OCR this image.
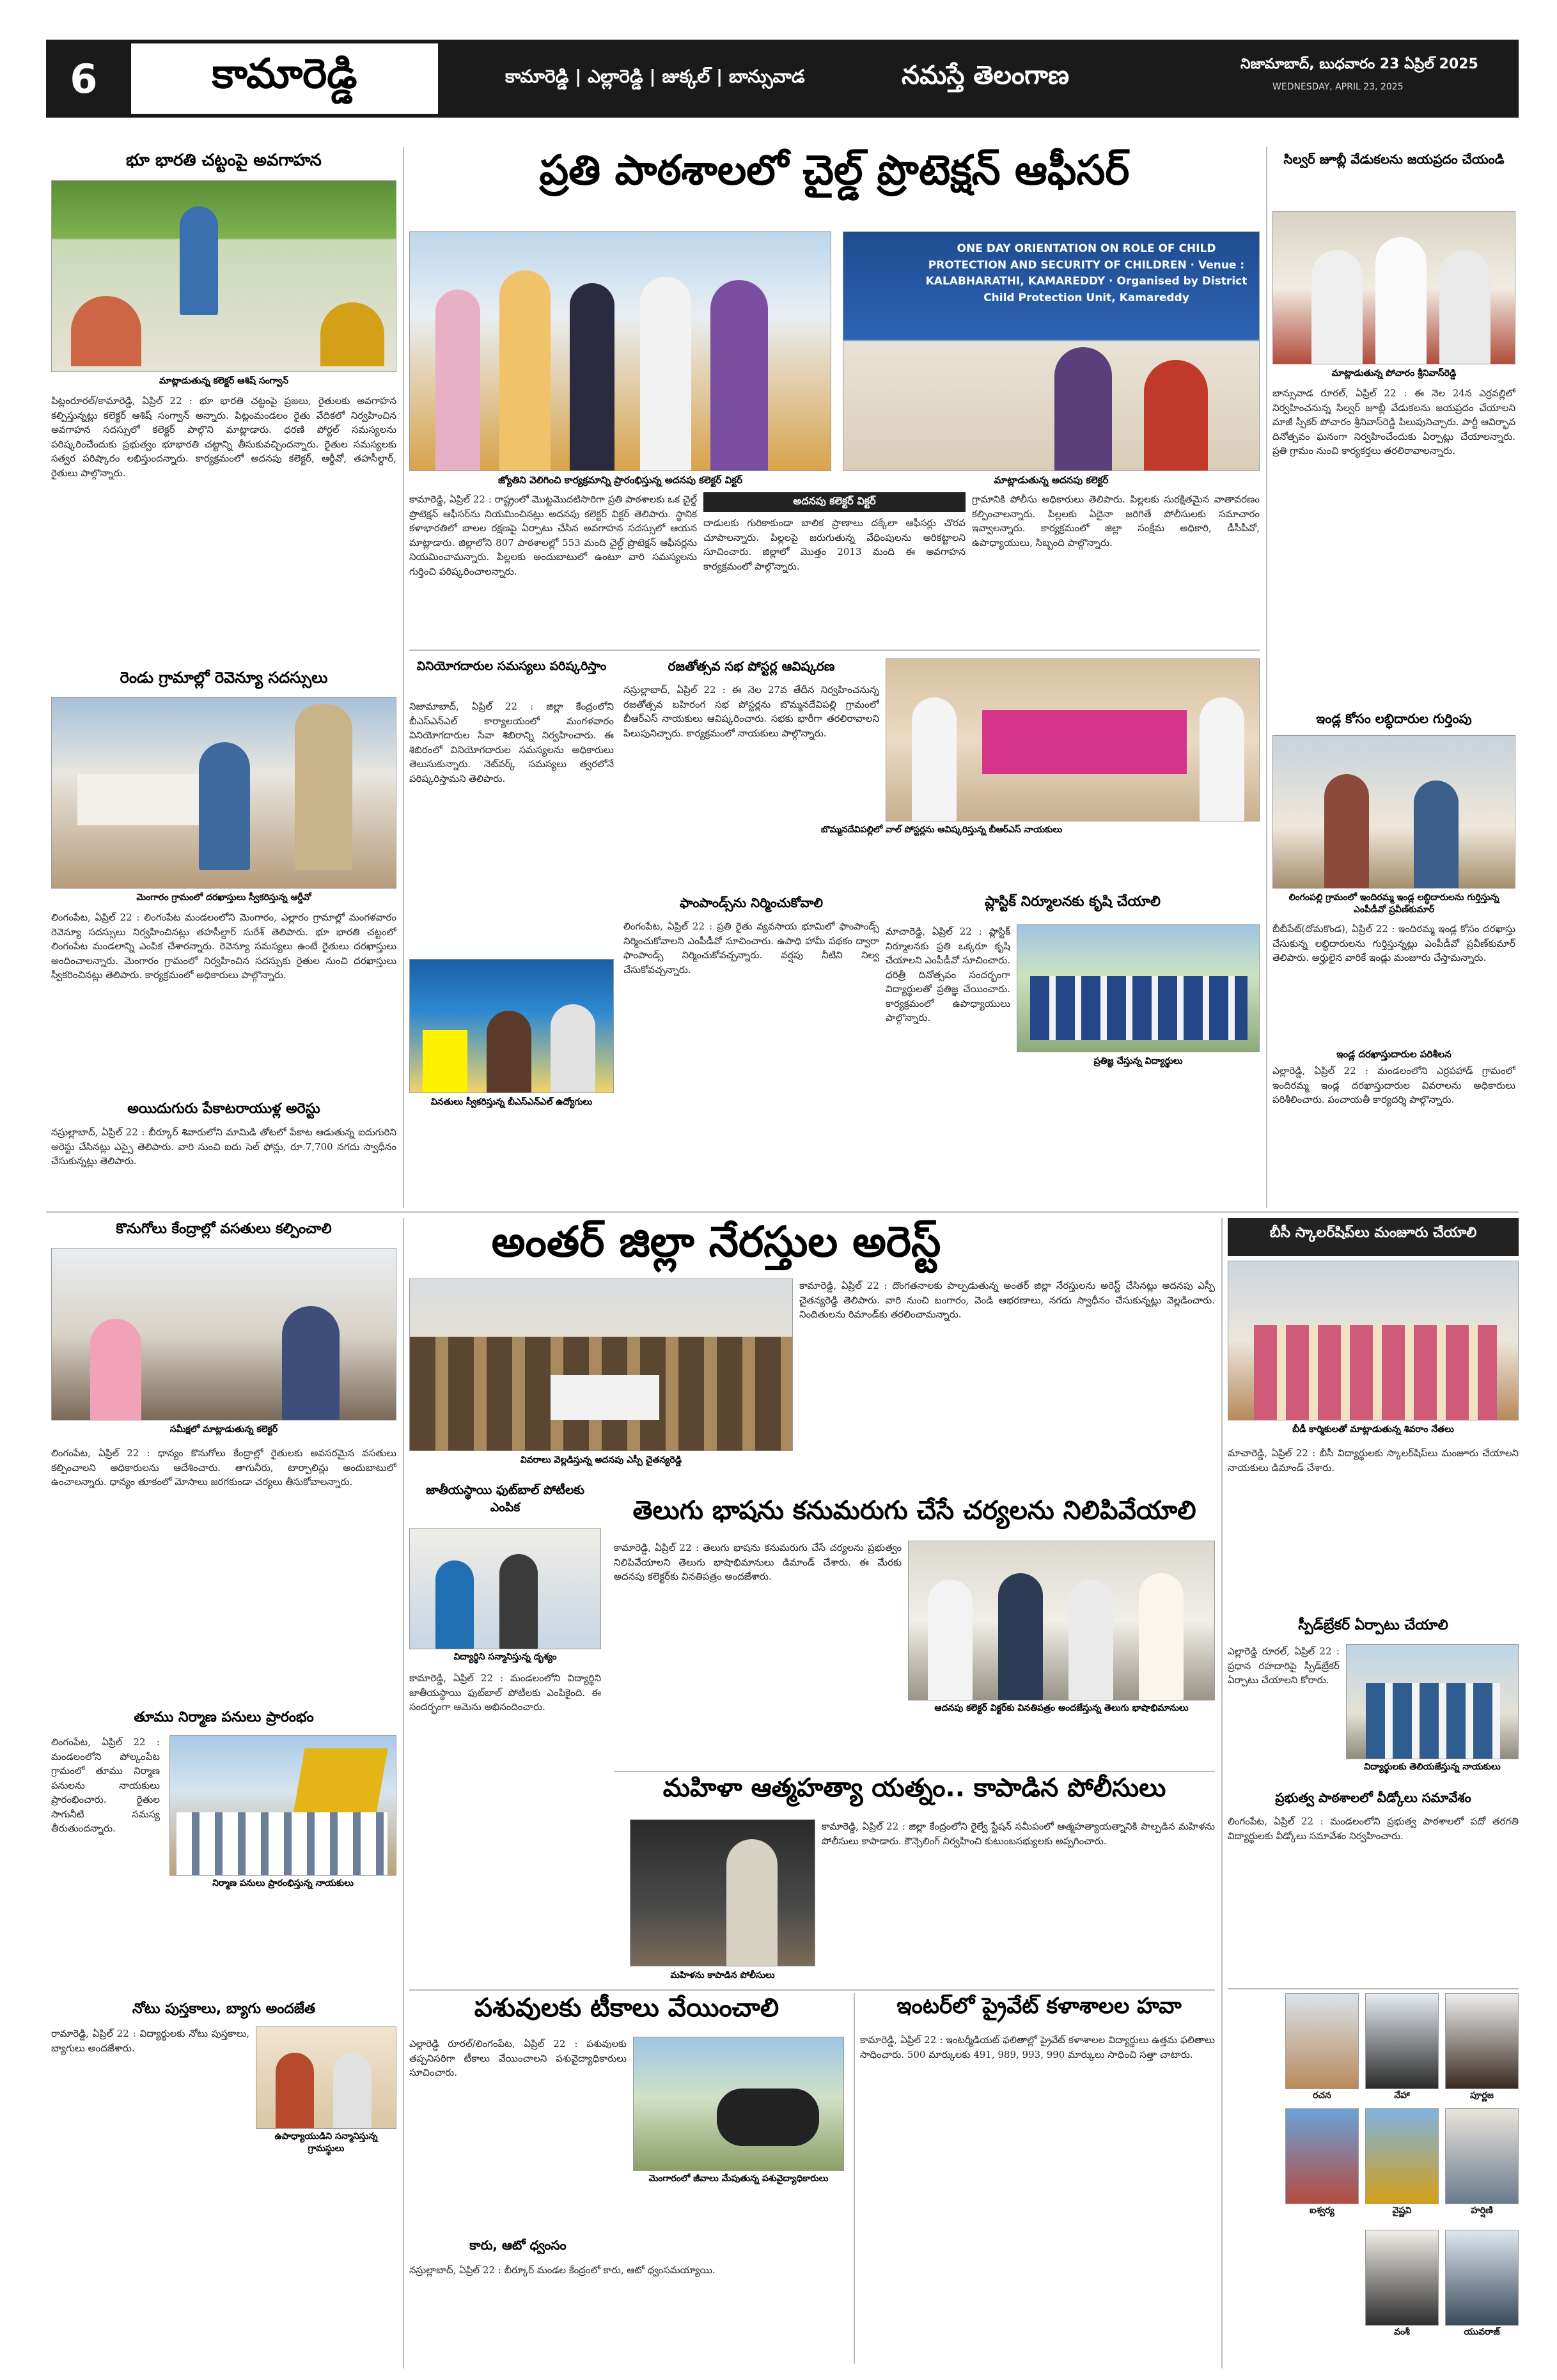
6	కామారెడ్డి	కామారెడ్డి | ఎల్లారెడ్డి | జుక్కల్ | బాన్సువాడ	నమస్తే తెలంగాణ	నిజామాబాద్, బుధవారం 23 ఏప్రిల్ 2025
WEDNESDAY, APRIL 23, 2025
భూ భారతి చట్టంపై అవగాహన
మాట్లాడుతున్న కలెక్టర్ ఆశిష్ సంగ్వాన్
పిట్లంరూరల్/కామారెడ్డి, ఏప్రిల్ 22 : భూ భారతి చట్టంపై ప్రజలు, రైతులకు అవగాహన కల్పిస్తున్నట్లు కలెక్టర్ ఆశిష్ సంగ్వాన్ అన్నారు. పిట్లంమండలం రైతు వేదికలో నిర్వహించిన అవగాహన సదస్సులో కలెక్టర్ పాల్గొని మాట్లాడారు. ధరణి పోర్టల్ సమస్యలను పరిష్కరించేందుకు ప్రభుత్వం భూభారతి చట్టాన్ని తీసుకువచ్చిందన్నారు. రైతుల సమస్యలకు సత్వర పరిష్కారం లభిస్తుందన్నారు. కార్యక్రమంలో అదనపు కలెక్టర్, ఆర్డీవో, తహసీల్దార్, రైతులు పాల్గొన్నారు.
రెండు గ్రామాల్లో రెవెన్యూ సదస్సులు
మెంగారం గ్రామంలో దరఖాస్తులు స్వీకరిస్తున్న ఆర్డీవో
లింగంపేట, ఏప్రిల్ 22 : లింగంపేట మండలంలోని మెంగారం, ఎల్లారం గ్రామాల్లో మంగళవారం రెవెన్యూ సదస్సులు నిర్వహించినట్లు తహసీల్దార్ సురేశ్ తెలిపారు. భూ భారతి చట్టంలో లింగంపేట మండలాన్ని ఎంపిక చేశారన్నారు. రెవెన్యూ సమస్యలు ఉంటే రైతులు దరఖాస్తులు అందించాలన్నారు. మెంగారం గ్రామంలో నిర్వహించిన సదస్సుకు రైతుల నుంచి దరఖాస్తులు స్వీకరించినట్లు తెలిపారు. కార్యక్రమంలో అధికారులు పాల్గొన్నారు.
అయిదుగురు పేకాటరాయుళ్ల అరెస్టు
నస్రుల్లాబాద్, ఏప్రిల్ 22 : బీర్కూర్ శివారులోని మామిడి తోటలో పేకాట ఆడుతున్న ఐదుగురిని అరెస్టు చేసినట్లు ఎస్సై తెలిపారు. వారి నుంచి ఐదు సెల్ ఫోన్లు, రూ.7,700 నగదు స్వాధీనం చేసుకున్నట్లు తెలిపారు.
ప్రతి పాఠశాలలో చైల్డ్ ప్రొటెక్షన్ ఆఫీసర్
జ్యోతిని వెలిగించి కార్యక్రమాన్ని ప్రారంభిస్తున్న అదనపు కలెక్టర్ విక్టర్
ONE DAY ORIENTATION ON ROLE OF CHILD PROTECTION AND SECURITY OF CHILDREN · Venue : KALABHARATHI, KAMAREDDY · Organised by District Child Protection Unit, Kamareddy
మాట్లాడుతున్న అదనపు కలెక్టర్
కామారెడ్డి, ఏప్రిల్ 22 : రాష్ట్రంలో మొట్టమొదటిసారిగా ప్రతి పాఠశాలకు ఒక చైల్డ్ ప్రొటెక్షన్ ఆఫీసర్‌ను నియమించినట్లు అదనపు కలెక్టర్ విక్టర్ తెలిపారు. స్థానిక కళాభారతిలో బాలల రక్షణపై ఏర్పాటు చేసిన అవగాహన సదస్సులో ఆయన మాట్లాడారు. జిల్లాలోని 807 పాఠశాలల్లో 553 మంది చైల్డ్ ప్రొటెక్షన్ ఆఫీసర్లను నియమించామన్నారు. పిల్లలకు అందుబాటులో ఉంటూ వారి సమస్యలను గుర్తించి పరిష్కరించాలన్నారు.
అదనపు కలెక్టర్ విక్టర్
దాడులకు గురికాకుండా బాలిక ప్రాణాలు దక్కేలా ఆఫీసర్లు చొరవ చూపాలన్నారు. పిల్లలపై జరుగుతున్న వేధింపులను అరికట్టాలని సూచించారు. జిల్లాలో మొత్తం 2013 మంది ఈ అవగాహన కార్యక్రమంలో పాల్గొన్నారు.
గ్రామానికి పోలీసు అధికారులు తెలిపారు. పిల్లలకు సురక్షితమైన వాతావరణం కల్పించాలన్నారు. పిల్లలకు ఏదైనా జరిగితే పోలీసులకు సమాచారం ఇవ్వాలన్నారు. కార్యక్రమంలో జిల్లా సంక్షేమ అధికారి, డీసీపీవో, ఉపాధ్యాయులు, సిబ్బంది పాల్గొన్నారు.
సిల్వర్ జూబ్లీ వేడుకలను జయప్రదం చేయండి
మాట్లాడుతున్న పోచారం శ్రీనివాస్‌రెడ్డి
బాన్సువాడ రూరల్, ఏప్రిల్ 22 : ఈ నెల 24న ఎర్రవల్లిలో నిర్వహించనున్న సిల్వర్ జూబ్లీ వేడుకలను జయప్రదం చేయాలని మాజీ స్పీకర్ పోచారం శ్రీనివాస్‌రెడ్డి పిలుపునిచ్చారు. పార్టీ ఆవిర్భావ దినోత్సవం ఘనంగా నిర్వహించేందుకు ఏర్పాట్లు చేయాలన్నారు. ప్రతి గ్రామం నుంచి కార్యకర్తలు తరలిరావాలన్నారు.
ఇండ్ల కోసం లబ్ధిదారుల గుర్తింపు
లింగంపల్లి గ్రామంలో ఇందిరమ్మ ఇండ్ల లబ్ధిదారులను గుర్తిస్తున్న ఎంపీడీవో ప్రవీణ్‌కుమార్
బీబీపేట్(దోమకొండ), ఏప్రిల్ 22 : ఇందిరమ్మ ఇండ్ల కోసం దరఖాస్తు చేసుకున్న లబ్ధిదారులను గుర్తిస్తున్నట్లు ఎంపీడీవో ప్రవీణ్‌కుమార్ తెలిపారు. అర్హులైన వారికే ఇండ్లు మంజూరు చేస్తామన్నారు.
ఇండ్ల దరఖాస్తుదారుల పరిశీలన
ఎల్లారెడ్డి, ఏప్రిల్ 22 : మండలంలోని ఎర్రపహాడ్ గ్రామంలో ఇందిరమ్మ ఇండ్ల దరఖాస్తుదారుల వివరాలను అధికారులు పరిశీలించారు. పంచాయతీ కార్యదర్శి పాల్గొన్నారు.
వినియోగదారుల సమస్యలు పరిష్కరిస్తాం
నిజామాబాద్, ఏప్రిల్ 22 : జిల్లా కేంద్రంలోని బీఎస్‌ఎన్‌ఎల్ కార్యాలయంలో మంగళవారం వినియోగదారుల సేవా శిబిరాన్ని నిర్వహించారు. ఈ శిబిరంలో వినియోగదారుల సమస్యలను అధికారులు తెలుసుకున్నారు. నెట్‌వర్క్ సమస్యలు త్వరలోనే పరిష్కరిస్తామని తెలిపారు.
వినతులు స్వీకరిస్తున్న బీఎస్‌ఎన్‌ఎల్ ఉద్యోగులు
రజతోత్సవ సభ పోస్టర్ల ఆవిష్కరణ
నస్రుల్లాబాద్, ఏప్రిల్ 22 : ఈ నెల 27వ తేదీన నిర్వహించనున్న రజతోత్సవ బహిరంగ సభ పోస్టర్లను బొమ్మనదేవిపల్లి గ్రామంలో బీఆర్‌ఎస్ నాయకులు ఆవిష్కరించారు. సభకు భారీగా తరలిరావాలని పిలుపునిచ్చారు. కార్యక్రమంలో నాయకులు పాల్గొన్నారు.
బొమ్మనదేవిపల్లిలో వాల్ పోస్టర్లను ఆవిష్కరిస్తున్న బీఆర్‌ఎస్ నాయకులు
ఫాంపాండ్స్‌ను నిర్మించుకోవాలి
లింగంపేట, ఏప్రిల్ 22 : ప్రతి రైతు వ్యవసాయ భూమిలో ఫాంపాండ్స్ నిర్మించుకోవాలని ఎంపీడీవో సూచించారు. ఉపాధి హామీ పథకం ద్వారా ఫాంపాండ్స్ నిర్మించుకోవచ్చన్నారు. వర్షపు నీటిని నిల్వ చేసుకోవచ్చన్నారు.
ప్లాస్టిక్ నిర్మూలనకు కృషి చేయాలి
ప్రతిజ్ఞ చేస్తున్న విద్యార్థులు
మాచారెడ్డి, ఏప్రిల్ 22 : ప్లాస్టిక్ నిర్మూలనకు ప్రతి ఒక్కరూ కృషి చేయాలని ఎంపీడీవో సూచించారు. ధరిత్రీ దినోత్సవం సందర్భంగా విద్యార్థులతో ప్రతిజ్ఞ చేయించారు. కార్యక్రమంలో ఉపాధ్యాయులు పాల్గొన్నారు.
కొనుగోలు కేంద్రాల్లో వసతులు కల్పించాలి
సమీక్షలో మాట్లాడుతున్న కలెక్టర్
లింగంపేట, ఏప్రిల్ 22 : ధాన్యం కొనుగోలు కేంద్రాల్లో రైతులకు అవసరమైన వసతులు కల్పించాలని అధికారులను ఆదేశించారు. తాగునీరు, టార్పాలిన్లు అందుబాటులో ఉంచాలన్నారు. ధాన్యం తూకంలో మోసాలు జరగకుండా చర్యలు తీసుకోవాలన్నారు.
తూము నిర్మాణ పనులు ప్రారంభం
లింగంపేట, ఏప్రిల్ 22 : మండలంలోని పోల్కంపేట గ్రామంలో తూము నిర్మాణ పనులను నాయకులు ప్రారంభించారు. రైతుల సాగునీటి సమస్య తీరుతుందన్నారు.
నిర్మాణ పనులు ప్రారంభిస్తున్న నాయకులు
నోటు పుస్తకాలు, బ్యాగు అందజేత
రామారెడ్డి, ఏప్రిల్ 22 : విద్యార్థులకు నోటు పుస్తకాలు, బ్యాగులు అందజేశారు.
ఉపాధ్యాయుడిని సన్మానిస్తున్న గ్రామస్థులు
అంతర్ జిల్లా నేరస్తుల అరెస్ట్
వివరాలు వెల్లడిస్తున్న అదనపు ఎస్పీ చైతన్యరెడ్డి
కామారెడ్డి, ఏప్రిల్ 22 : దొంగతనాలకు పాల్పడుతున్న అంతర్ జిల్లా నేరస్తులను అరెస్ట్ చేసినట్లు అదనపు ఎస్పీ చైతన్యరెడ్డి తెలిపారు. వారి నుంచి బంగారం, వెండి ఆభరణాలు, నగదు స్వాధీనం చేసుకున్నట్లు వెల్లడించారు. నిందితులను రిమాండ్‌కు తరలించామన్నారు.
జాతీయస్థాయి ఫుట్‌బాల్ పోటీలకు ఎంపిక
విద్యార్థిని సన్మానిస్తున్న దృశ్యం
కామారెడ్డి, ఏప్రిల్ 22 : మండలంలోని విద్యార్థిని జాతీయస్థాయి ఫుట్‌బాల్ పోటీలకు ఎంపికైంది. ఈ సందర్భంగా ఆమెను అభినందించారు.
తెలుగు భాషను కనుమరుగు చేసే చర్యలను నిలిపివేయాలి
కామారెడ్డి, ఏప్రిల్ 22 : తెలుగు భాషను కనుమరుగు చేసే చర్యలను ప్రభుత్వం నిలిపివేయాలని తెలుగు భాషాభిమానులు డిమాండ్ చేశారు. ఈ మేరకు అదనపు కలెక్టర్‌కు వినతిపత్రం అందజేశారు.
ఆదనపు కలెక్టర్ విక్టర్‌కు వినతిపత్రం అందజేస్తున్న తెలుగు భాషాభిమానులు
మహిళా ఆత్మహత్యా యత్నం.. కాపాడిన పోలీసులు
మహిళను కాపాడిన పోలీసులు
కామారెడ్డి, ఏప్రిల్ 22 : జిల్లా కేంద్రంలోని రైల్వే స్టేషన్ సమీపంలో ఆత్మహత్యాయత్నానికి పాల్పడిన మహిళను పోలీసులు కాపాడారు. కౌన్సెలింగ్ నిర్వహించి కుటుంబసభ్యులకు అప్పగించారు.
పశువులకు టీకాలు వేయించాలి
ఎల్లారెడ్డి రూరల్/లింగంపేట, ఏప్రిల్ 22 : పశువులకు తప్పనిసరిగా టీకాలు వేయించాలని పశువైద్యాధికారులు సూచించారు.
మెంగారంలో జీవాలు మేపుతున్న పశువైద్యాధికారులు
కారు, ఆటో ధ్వంసం
నస్రుల్లాబాద్, ఏప్రిల్ 22 : బీర్కూర్ మండల కేంద్రంలో కారు, ఆటో ధ్వంసమయ్యాయి.
ఇంటర్‌లో ప్రైవేట్ కళాశాలల హవా
కామారెడ్డి, ఏప్రిల్ 22 : ఇంటర్మీడియట్ ఫలితాల్లో ప్రైవేట్ కళాశాలల విద్యార్థులు ఉత్తమ ఫలితాలు సాధించారు. 500 మార్కులకు 491, 989, 993, 990 మార్కులు సాధించి సత్తా చాటారు.
బీసీ స్కాలర్‌షిప్‌లు మంజూరు చేయాలి
బీడీ కార్మికులతో మాట్లాడుతున్న శివరాం నేతలు
మాచారెడ్డి, ఏప్రిల్ 22 : బీసీ విద్యార్థులకు స్కాలర్‌షిప్‌లు మంజూరు చేయాలని నాయకులు డిమాండ్ చేశారు.
స్పీడ్‌బ్రేకర్ ఏర్పాటు చేయాలి
ఎల్లారెడ్డి రూరల్, ఏప్రిల్ 22 : ప్రధాన రహదారిపై స్పీడ్‌బ్రేకర్ ఏర్పాటు చేయాలని కోరారు.
విద్యార్థులకు తెలియజేస్తున్న నాయకులు
ప్రభుత్వ పాఠశాలలో వీడ్కోలు సమావేశం
లింగంపేట, ఏప్రిల్ 22 : మండలంలోని ప్రభుత్వ పాఠశాలలో పదో తరగతి విద్యార్థులకు వీడ్కోలు సమావేశం నిర్వహించారు.
రచన	నేహా	పూర్ణజ
ఐశ్వర్య	వైష్ణవి	హర్షిణి
వంశీ	యువరాజ్
